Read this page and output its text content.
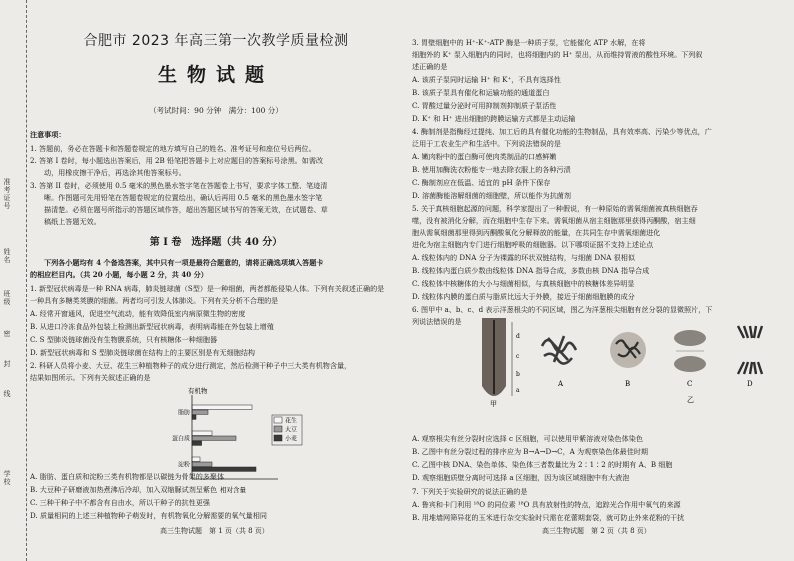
准考证号
姓名
班级
密
封
线
学校
合肥市 2023 年高三第一次教学质量检测
生物试题
（考试时间：90 分钟　满分：100 分）
注意事项：
1. 答题前，务必在答题卡和答题卷规定的地方填写自己的姓名、准考证号和座位号后两位。
2. 答第 I 卷时，每小题选出答案后，用 2B 铅笔把答题卡上对应题目的答案标号涂黑。如需改
动，用橡皮擦干净后，再选涂其他答案标号。
3. 答第 II 卷时，必须使用 0.5 毫米的黑色墨水签字笔在答题卷上书写，要求字体工整、笔迹清
晰。作图题可先用铅笔在答题卷规定的位置绘出，确认后再用 0.5 毫米的黑色墨水签字笔
描清楚。必须在题号所指示的答题区域作答，超出答题区域书写的答案无效，在试题卷、草
稿纸上答题无效。
第 I 卷　选择题（共 40 分）
下列各小题均有 4 个备选答案，其中只有一项是最符合题意的，请将正确选项填入答题卡
的相应栏目内。（共 20 小题，每小题 2 分，共 40 分）
1. 新型冠状病毒是一种 RNA 病毒，肺炎链球菌（S型）是一种细菌，两者都能侵染人体。下列有关叙述正确的是
一种具有多糖类荚膜的细菌。两者均可引发人体肺炎。下列有关分析不合理的是
A. 经常开窗通风，促进空气流动，能有效降低室内病原微生物的密度
B. 从进口冷冻食品外包装上检测出新型冠状病毒，表明病毒能在外包装上增殖
C. S 型肺炎链球菌没有生物膜系统，只有核糖体一种细胞器
D. 新型冠状病毒和 S 型肺炎链球菌在结构上的主要区别是有无细胞结构
2. 科研人员将小麦、大豆、花生三种植物种子的成分进行测定，然后检测干种子中三大类有机物含量，
结果如图所示。下列有关叙述正确的是
有机物
相对含量
脂肪
蛋白质
淀粉
花生
大豆
小麦
A. 脂肪、蛋白质和淀粉三类有机物都是以碳链为骨架的多聚体
B. 大豆种子研磨液加热煮沸后冷却，加入双缩脲试剂呈紫色
C. 三种干种子中不都含有自由水，所以干种子的抗性更强
D. 质量相同的上述三种植物种子萌发时，有机物氧化分解需要的氧气量相同
高三生物试题　第 1 页（共 8 页）
3. 胃壁细胞中的 H⁺-K⁺-ATP 酶是一种质子泵，它能催化 ATP 水解，在将
细胞外的 K⁺ 泵入细胞内的同时，也将细胞内的 H⁺ 泵出，从而维持胃液的酸性环境。下列叙
述正确的是
A. 该质子泵同时运输 H⁺ 和 K⁺，不具有选择性
B. 该质子泵具有催化和运输功能的通道蛋白
C. 胃酸过量分泌时可用抑制剂抑制质子泵活性
D. K⁺ 和 H⁺ 进出细胞的跨膜运输方式都是主动运输
4. 酶制剂是指酶经过提纯、加工后的具有催化功能的生物制品，具有效率高、污染少等优点，广
泛用于工农业生产和生活中。下列说法错误的是
A. 嫩肉粉中的蛋白酶可使肉类制品的口感鲜嫩
B. 使用加酶洗衣粉能专一地去除衣服上的各种污渍
C. 酶制剂应在低温、适宜的 pH 条件下保存
D. 溶菌酶能溶解细菌的细胞壁，所以能作为抗菌剂
5. 关于真核细胞起源的问题，科学家提出了一种假说，有一种原始的需氧细菌被真核细胞吞
噬，没有被消化分解，而在细胞中生存下来。需氧细菌从宿主细胞那里获得丙酮酸，宿主细
胞从需氧细菌那里得到丙酮酸氧化分解释放的能量，在共同生存中需氧细菌进化
进化为宿主细胞内专门进行细胞呼吸的细胞器。以下哪项证据不支持上述论点
A. 线粒体内的 DNA 分子为裸露的环状双链结构，与细菌 DNA 很相似
B. 线粒体内蛋白质少数由线粒体 DNA 指导合成，多数由核 DNA 指导合成
C. 线粒体中核糖体的大小与细菌相似，与真核细胞中的核糖体差异明显
D. 线粒体内膜的蛋白质与脂质比远大于外膜，接近于细菌细胞膜的成分
6. 图甲中 a、b、c、d 表示洋葱根尖的不同区域，图乙为洋葱根尖细胞有丝分裂的显微照片，下
列说法错误的是
d
c
b
a
甲
A	B	C	D
乙
A. 观察根尖有丝分裂时应选择 c 区细胞，可以使用甲紫溶液对染色体染色
B. 乙图中有丝分裂过程的排序应为 B→A→D→C，A 为观察染色体最佳时期
C. 乙图中核 DNA、染色单体、染色体三者数量比为 2∶1∶2 的时期有 A、B 细胞
D. 观察细胞质壁分离时可选择 a 区细胞，因为该区域细胞中有大液泡
7. 下列关于实验研究的说法正确的是
A. 鲁宾和卡门利用 ¹⁸O 的同位素 ¹⁸O 具有放射性的特点，追踪光合作用中氧气的来源
B. 用堆墙网筛异花的玉米进行杂交实验时只需在花蕾期套袋，就可防止外来花粉的干扰
高三生物试题　第 2 页（共 8 页）
